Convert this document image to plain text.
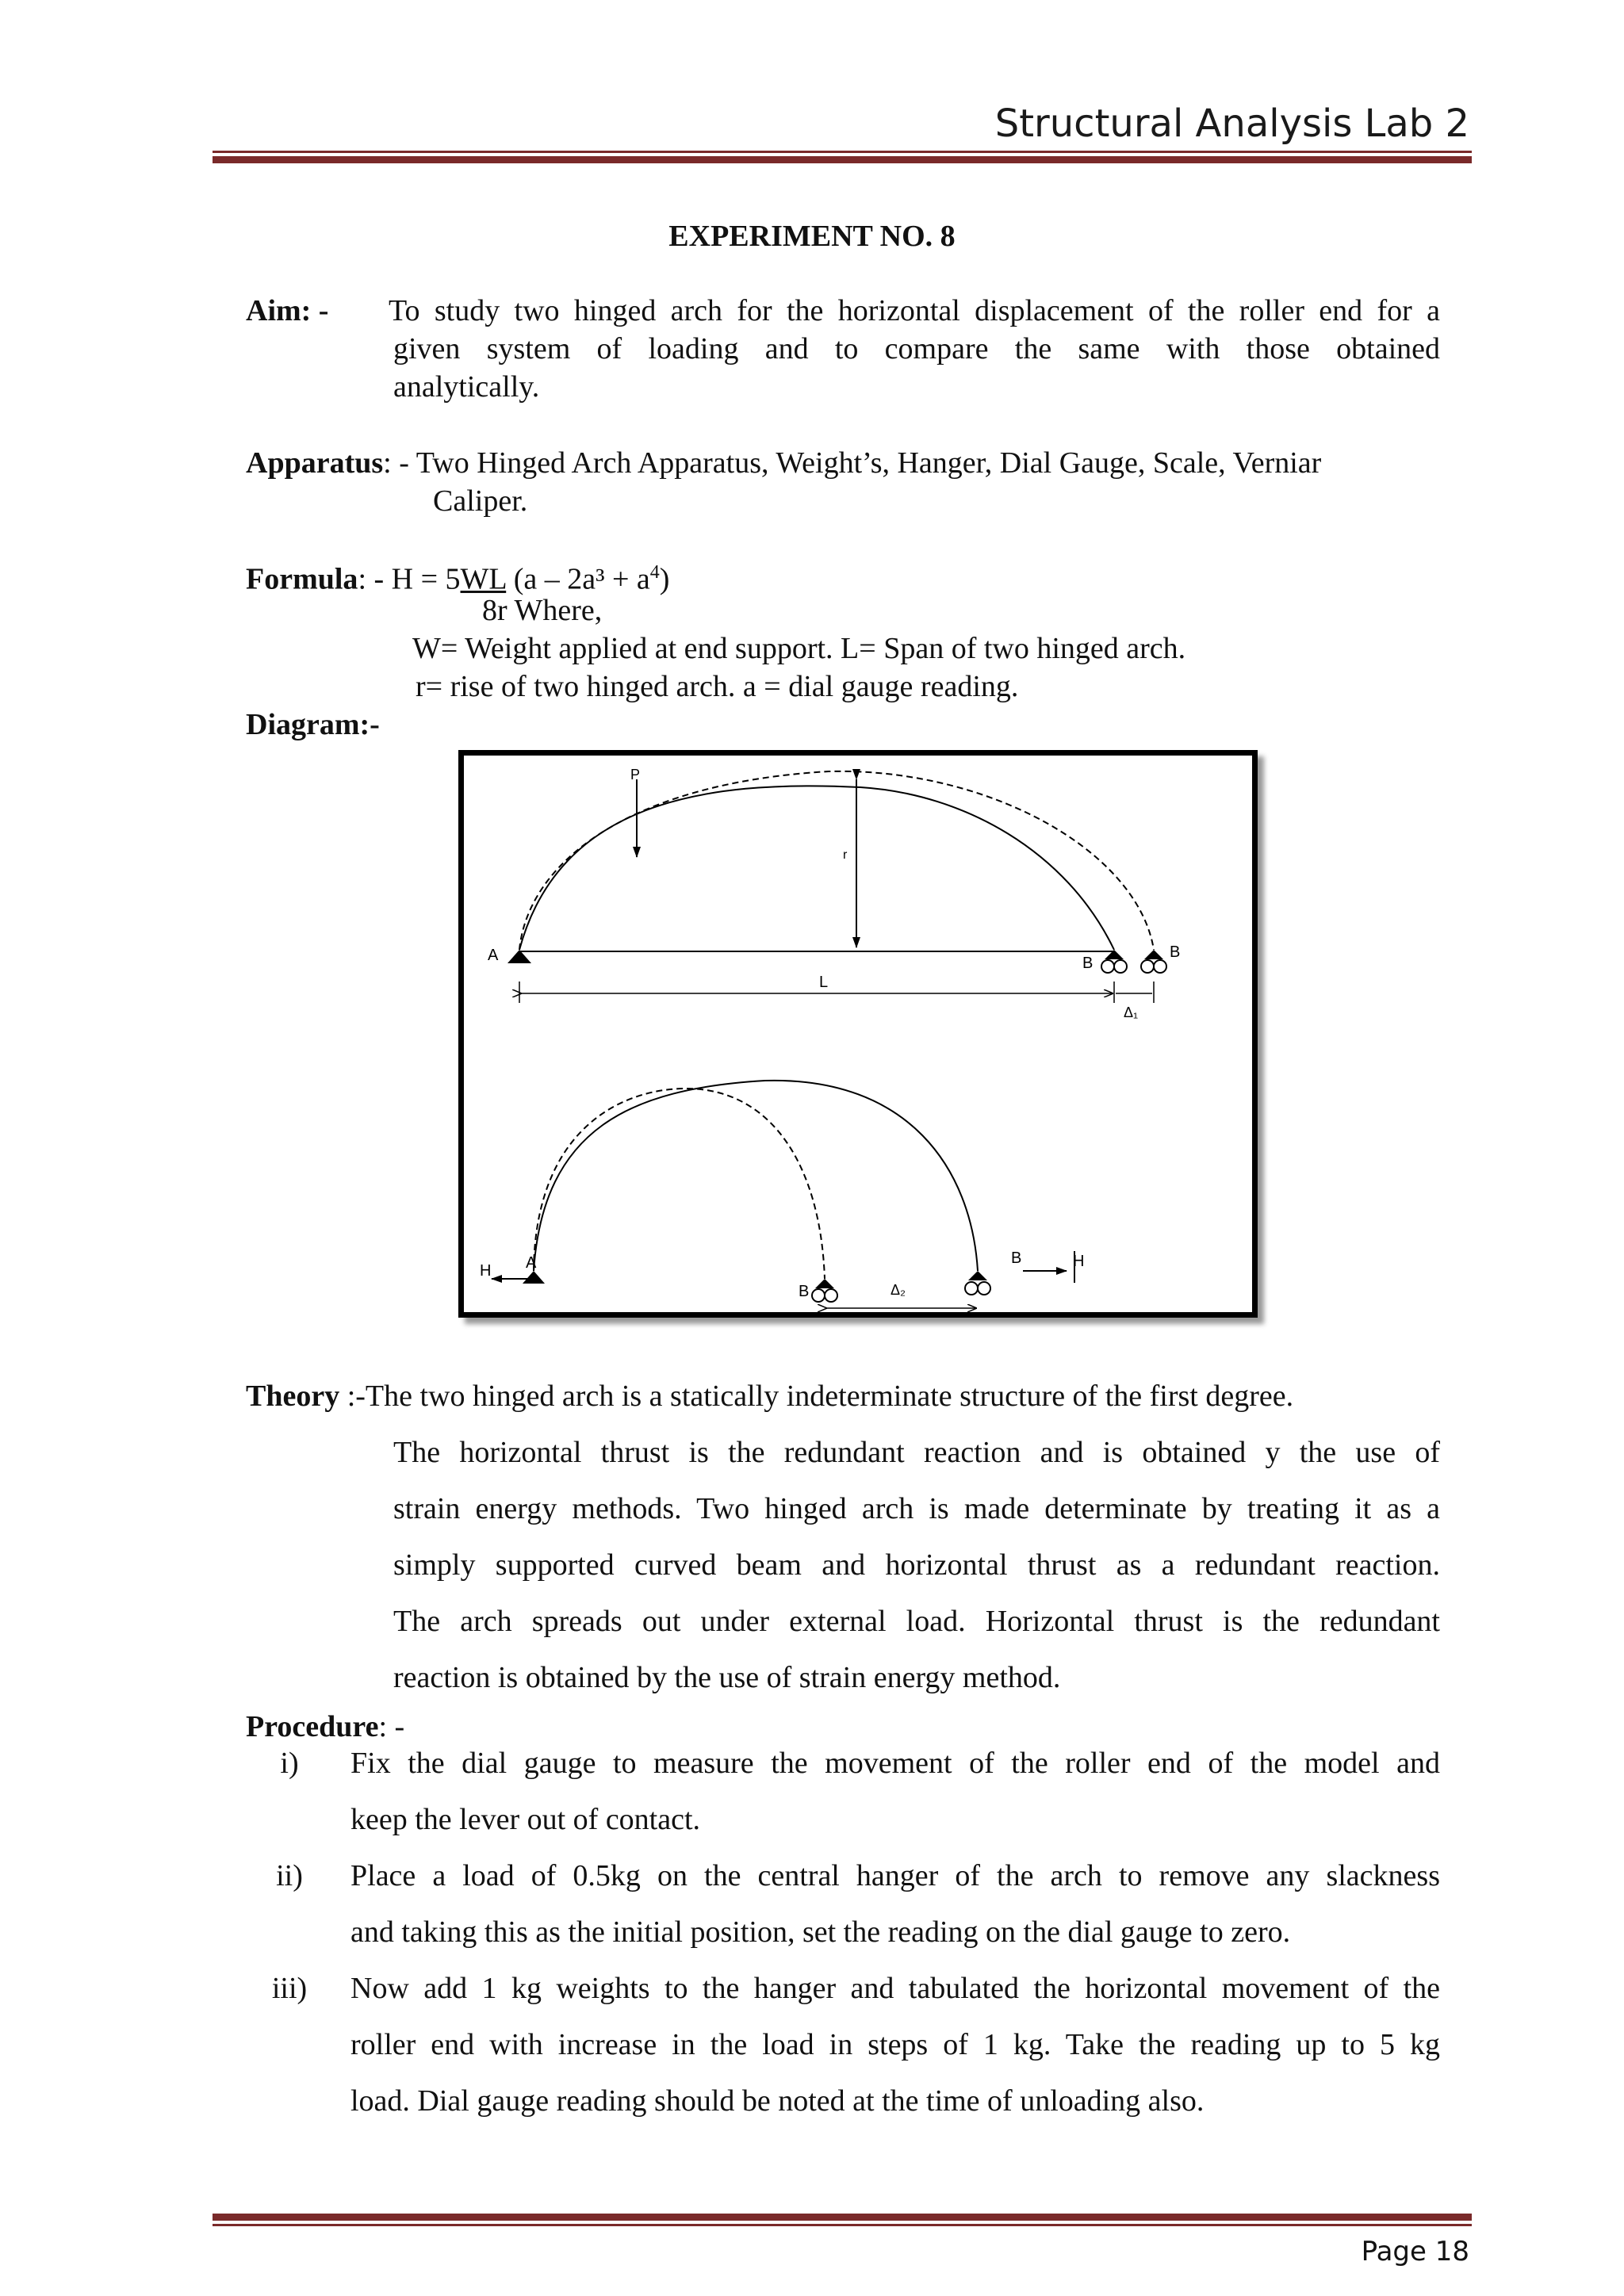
Structural Analysis Lab 2
EXPERIMENT NO. 8
Aim: - To study two hinged arch for the horizontal displacement of the roller end for a
given system of loading and to compare the same with those obtained
analytically.
Apparatus: - Two Hinged Arch Apparatus, Weight’s, Hanger, Dial Gauge, Scale, Verniar
Caliper.
Formula: - H = 5WL $(a - 2a^3 + a^4)$
8r Where,
W= Weight applied at end support. L= Span of two hinged arch.
r= rise of two hinged arch. a = dial gauge reading.
Diagram:-
r
P
A	B
B
L
Δ₁
A
H
B
B	H
Δ₂
Theory :-The two hinged arch is a statically indeterminate structure of the first degree.
The horizontal thrust is the redundant reaction and is obtained y the use of
strain energy methods. Two hinged arch is made determinate by treating it as a
simply supported curved beam and horizontal thrust as a redundant reaction.
The arch spreads out under external load. Horizontal thrust is the redundant
reaction is obtained by the use of strain energy method.
Procedure: -
i)	Fix the dial gauge to measure the movement of the roller end of the model and
keep the lever out of contact.
ii)	Place a load of 0.5kg on the central hanger of the arch to remove any slackness
and taking this as the initial position, set the reading on the dial gauge to zero.
iii)	Now add 1 kg weights to the hanger and tabulated the horizontal movement of the
roller end with increase in the load in steps of 1 kg. Take the reading up to 5 kg
load. Dial gauge reading should be noted at the time of unloading also.
Page 18
